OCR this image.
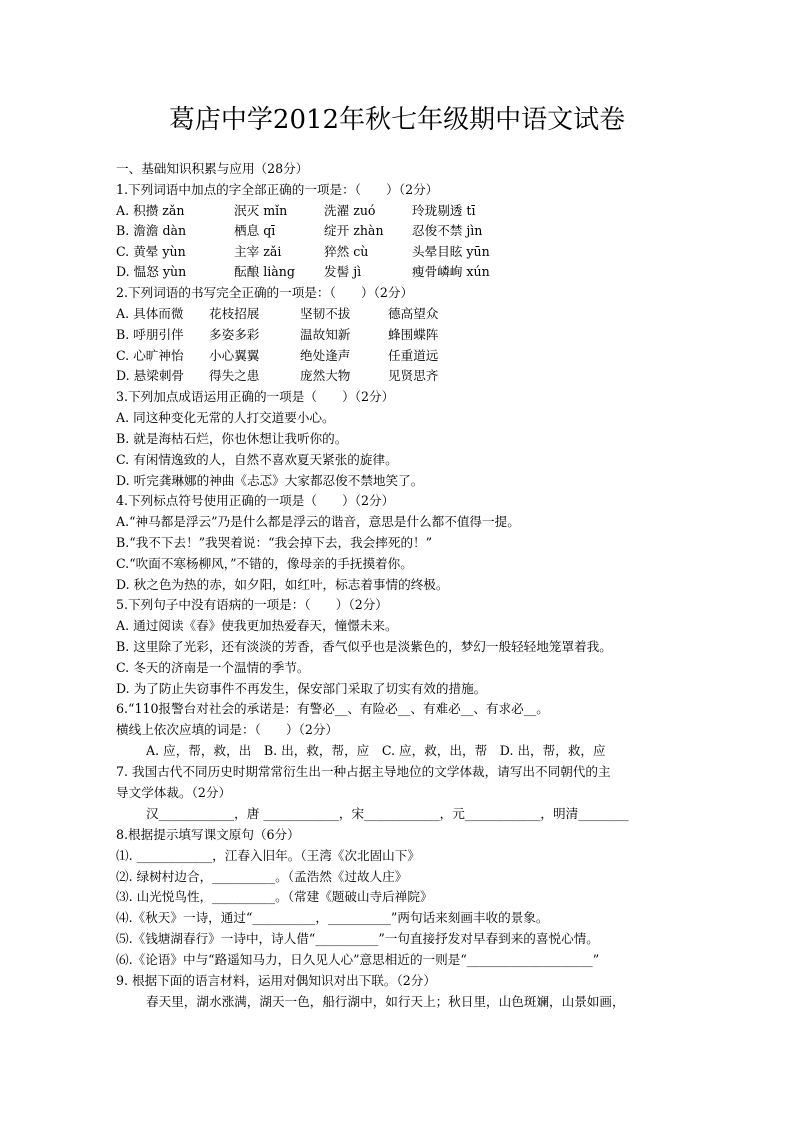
葛店中学2012年秋七年级期中语文试卷
一、基础知识积累与应用（28分）
1.下列词语中加点的字全部正确的一项是：（　　）（2分）
A. 积攒 zǎn	泯灭 mǐn	洗濯 zuó	玲珑剔透 tī
B. 澹澹 dàn	栖息 qī	绽开 zhàn 忍俊不禁 jìn
C. 黄晕 yùn	主宰 zǎi	猝然 cù	头晕目眩 yūn
D. 愠怒 yùn	酝酿 liàng 发髻 jì	瘦骨嶙峋 xún
2.下列词语的书写完全正确的一项是：（　　）（2分）
A. 具体而微 花枝招展	坚韧不拔	德高望众
B. 呼朋引伴 多姿多彩	温故知新	蜂围蝶阵
C. 心旷神怡 小心翼翼	绝处逢声	任重道远
D. 悬梁刺骨 得失之患	庞然大物	见贤思齐
3.下列加点成语运用正确的一项是（　　）（2分）
A. 同这种变化无常的人打交道要小心。
B. 就是海枯石烂，你也休想让我听你的。
C. 有闲情逸致的人，自然不喜欢夏天紧张的旋律。
D. 听完龚琳娜的神曲《忐忑》大家都忍俊不禁地笑了。
4.下列标点符号使用正确的一项是（　　）（2分）
A.“神马都是浮云”乃是什么都是浮云的谐音，意思是什么都不值得一提。
B.“我不下去！”我哭着说：“我会掉下去，我会摔死的！”
C.“吹面不寒杨柳风，”不错的，像母亲的手抚摸着你。
D. 秋之色为热的赤，如夕阳，如红叶，标志着事情的终极。
5.下列句子中没有语病的一项是：（　　）（2分）
A. 通过阅读《春》使我更加热爱春天，憧憬未来。
B. 这里除了光彩，还有淡淡的芳香，香气似乎也是淡紫色的，梦幻一般轻轻地笼罩着我。
C. 冬天的济南是一个温情的季节。
D. 为了防止失窃事件不再发生，保安部门采取了切实有效的措施。
6.“110报警台对社会的承诺是：有警必__、有险必__、有难必__、有求必__。
横线上依次应填的词是：（　　）（2分）
A. 应，帮，救，出　B. 出，救，帮，应　C. 应，救，出，帮　D. 出，帮，救，应
7. 我国古代不同历史时期常常衍生出一种占据主导地位的文学体裁，请写出不同朝代的主
导文学体裁。（2分）
汉____________，唐 ____________，宋____________，元____________，明清________
8.根据提示填写课文原句（6分）
⑴. ____________，江春入旧年。（王湾《次北固山下》
⑵. 绿树村边合，__________。（孟浩然《过故人庄》
⑶. 山光悦鸟性，__________。（常建《题破山寺后禅院》
⑷.《秋天》一诗，通过“__________，__________”两句话来刻画丰收的景象。
⑸.《钱塘湖春行》一诗中，诗人借“__________”一句直接抒发对早春到来的喜悦心情。
⑹.《论语》中与“路遥知马力，日久见人心”意思相近的一则是“____________________”
9. 根据下面的语言材料，运用对偶知识对出下联。（2分）
春天里，湖水涨满，湖天一色，船行湖中，如行天上；秋日里，山色斑斓，山景如画，
